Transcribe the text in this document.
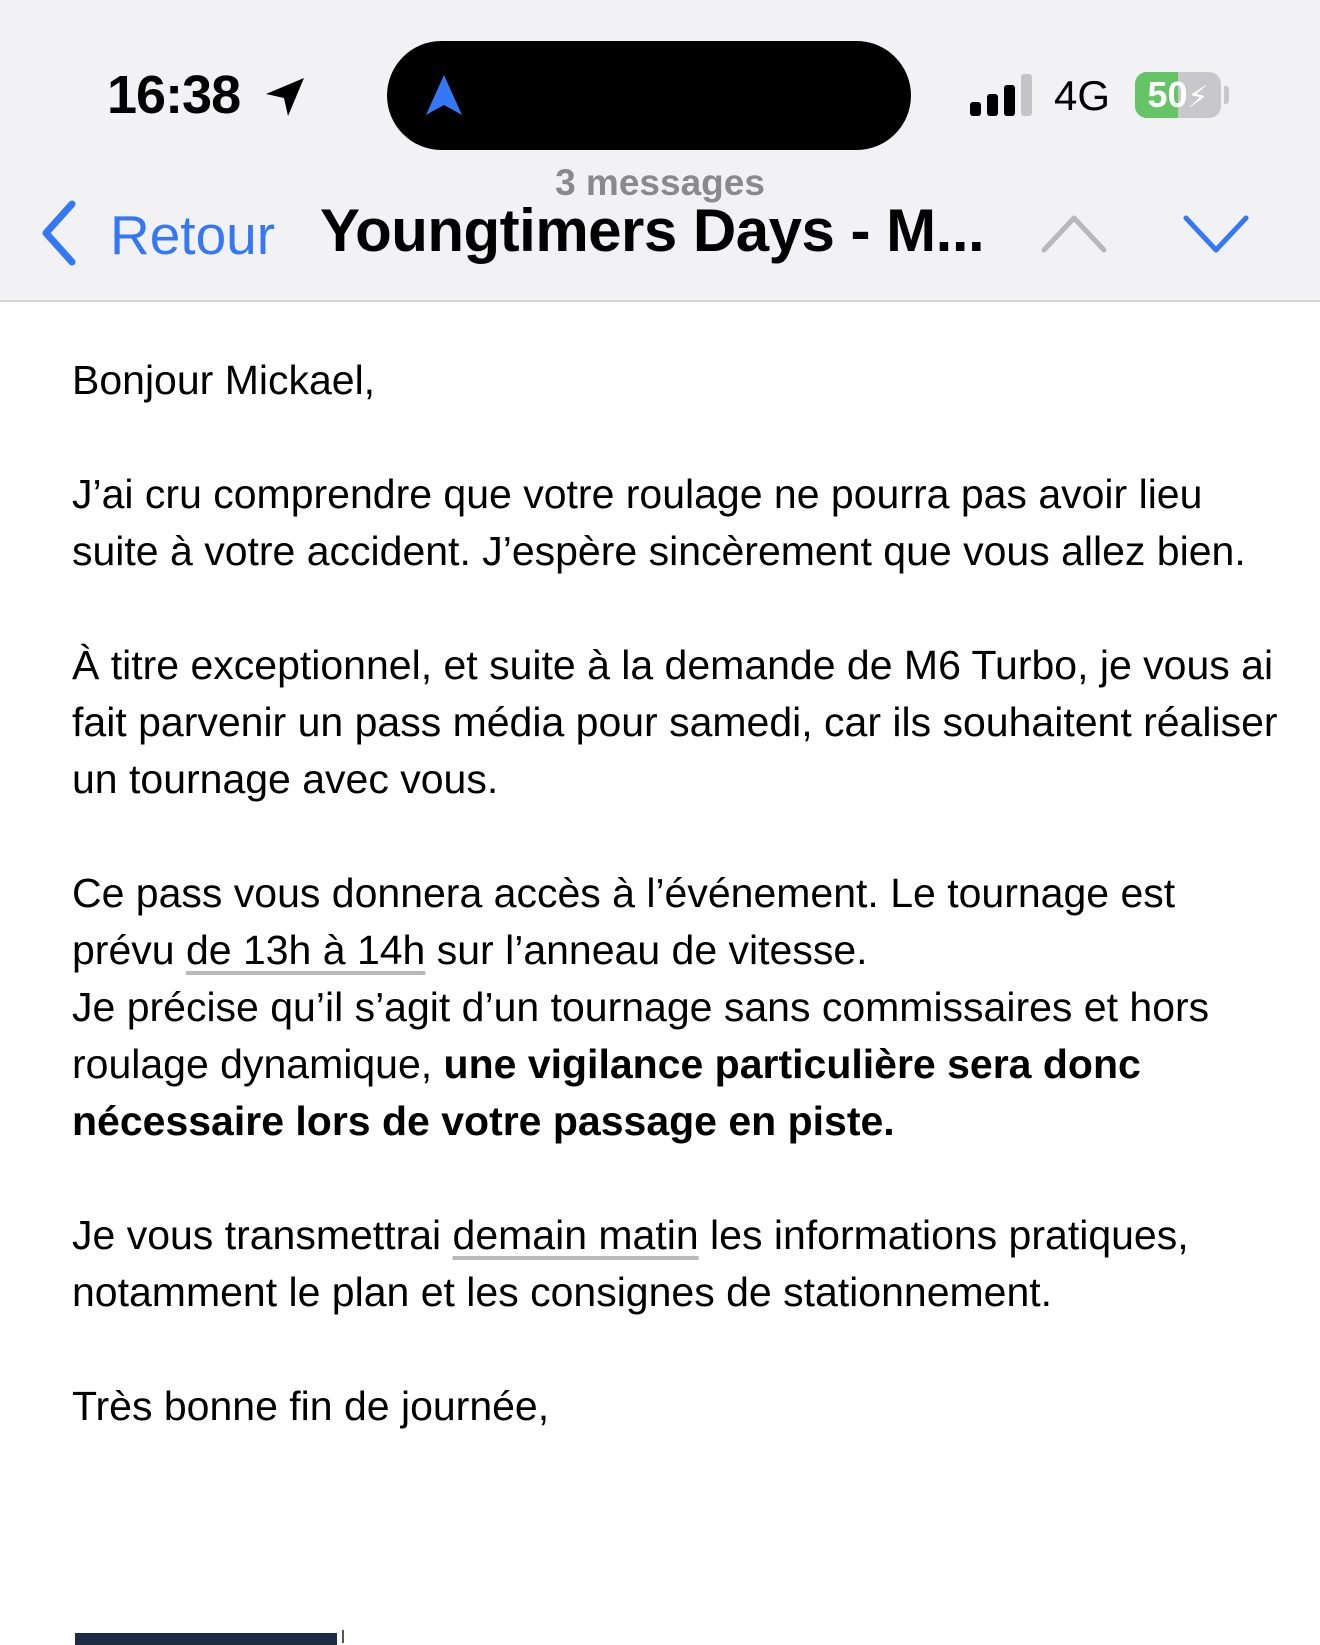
16:38	4G	50⚡
3 messages
Retour Youngtimers Days - M...

Bonjour Mickael,

J’ai cru comprendre que votre roulage ne pourra pas avoir lieu suite à votre accident. J’espère sincèrement que vous allez bien.

À titre exceptionnel, et suite à la demande de M6 Turbo, je vous ai fait parvenir un pass média pour samedi, car ils souhaitent réaliser un tournage avec vous.

Ce pass vous donnera accès à l’événement. Le tournage est prévu de 13h à 14h sur l’anneau de vitesse.
Je précise qu’il s’agit d’un tournage sans commissaires et hors roulage dynamique, une vigilance particulière sera donc nécessaire lors de votre passage en piste.

Je vous transmettrai demain matin les informations pratiques, notamment le plan et les consignes de stationnement.

Très bonne fin de journée,
